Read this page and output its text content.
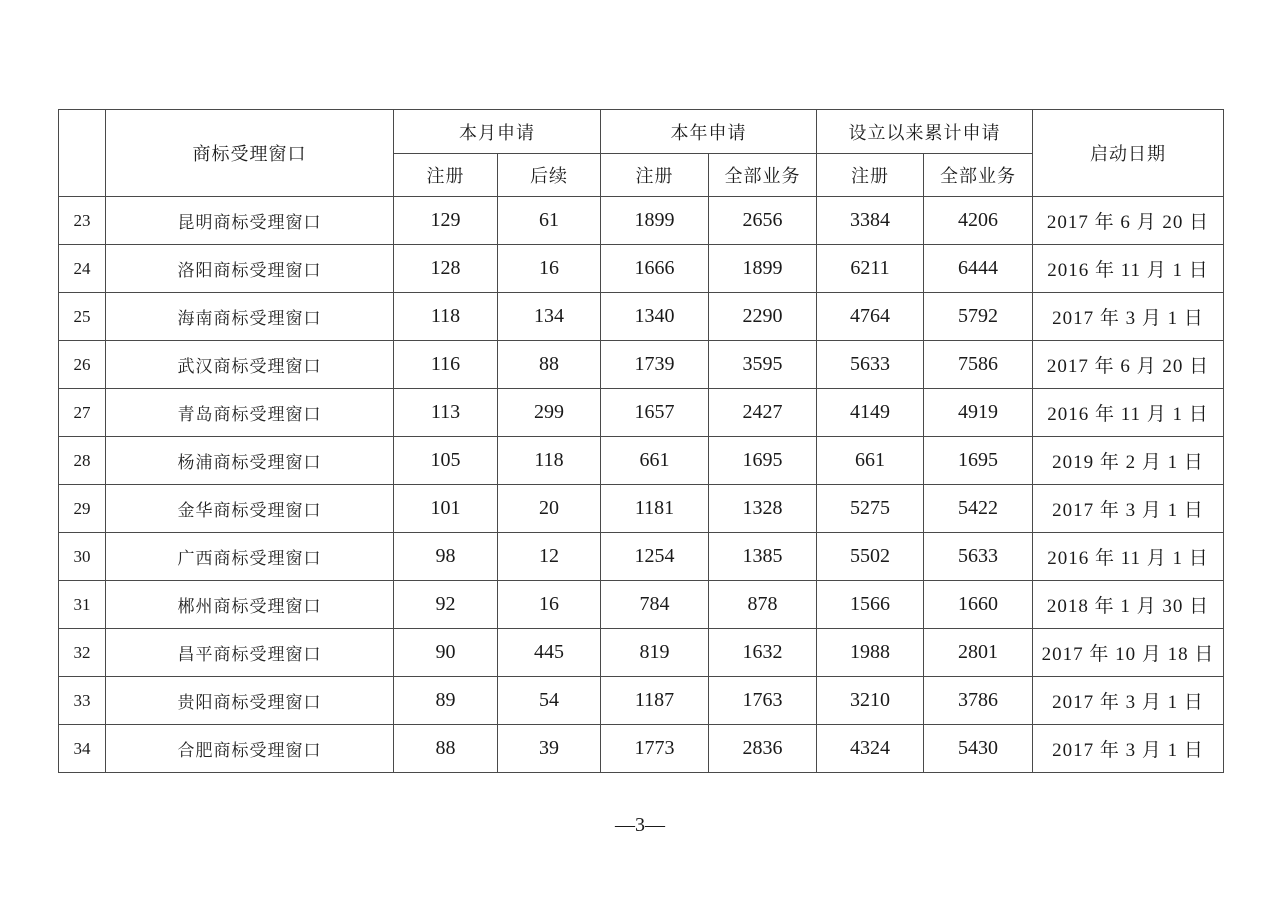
	商标受理窗口	本月申请		本年申请		设立以来累计申请		启动日期
		注册	后续	注册	全部业务	注册	全部业务	
23	昆明商标受理窗口	129	61	1899	2656	3384	4206	2017 年 6 月 20 日
24	洛阳商标受理窗口	128	16	1666	1899	6211	6444	2016 年 11 月 1 日
25	海南商标受理窗口	118	134	1340	2290	4764	5792	2017 年 3 月 1 日
26	武汉商标受理窗口	116	88	1739	3595	5633	7586	2017 年 6 月 20 日
27	青岛商标受理窗口	113	299	1657	2427	4149	4919	2016 年 11 月 1 日
28	杨浦商标受理窗口	105	118	661	1695	661	1695	2019 年 2 月 1 日
29	金华商标受理窗口	101	20	1181	1328	5275	5422	2017 年 3 月 1 日
30	广西商标受理窗口	98	12	1254	1385	5502	5633	2016 年 11 月 1 日
31	郴州商标受理窗口	92	16	784	878	1566	1660	2018 年 1 月 30 日
32	昌平商标受理窗口	90	445	819	1632	1988	2801	2017 年 10 月 18 日
33	贵阳商标受理窗口	89	54	1187	1763	3210	3786	2017 年 3 月 1 日
34	合肥商标受理窗口	88	39	1773	2836	4324	5430	2017 年 3 月 1 日
—3—
